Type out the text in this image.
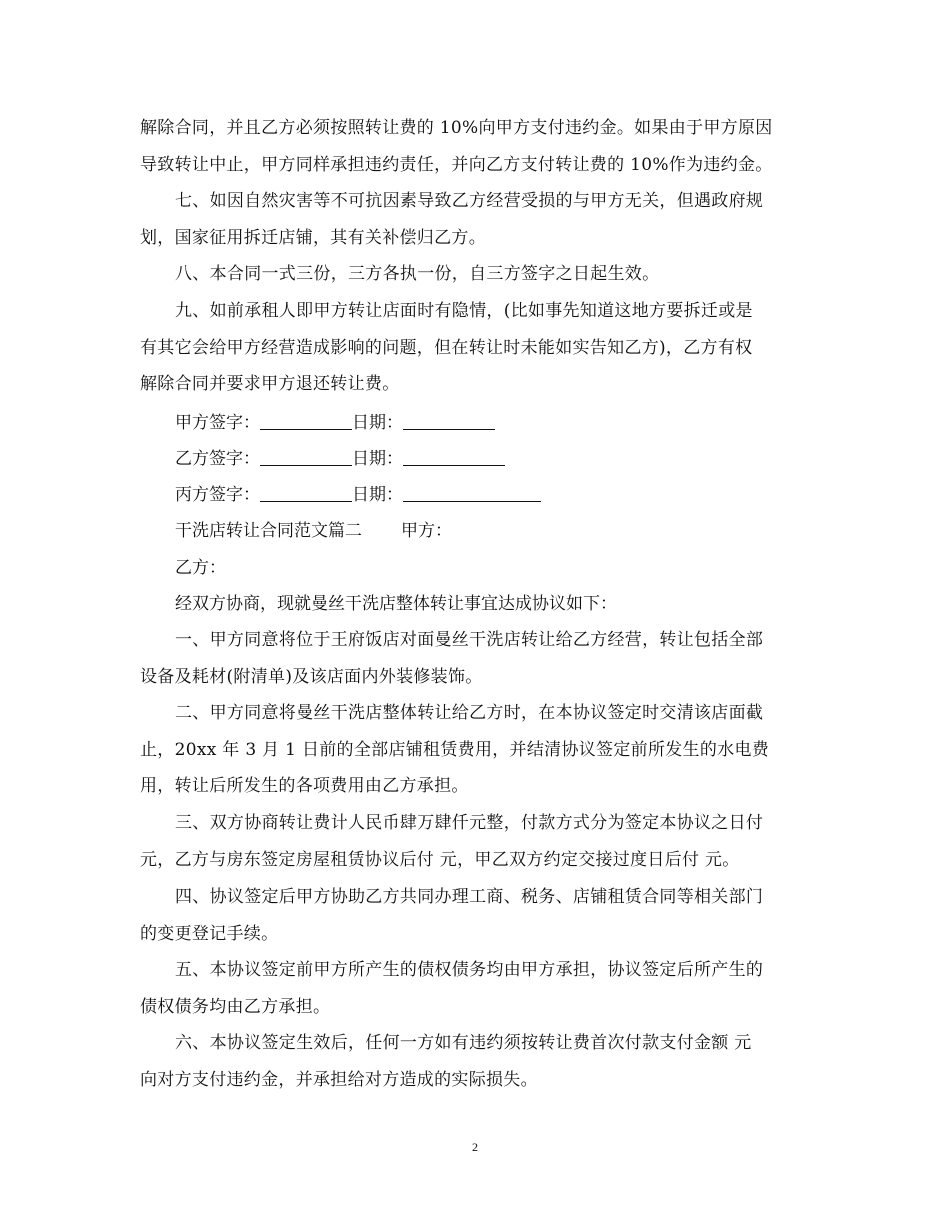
解除合同，并且乙方必须按照转让费的 10%向甲方支付违约金。如果由于甲方原因
导致转让中止，甲方同样承担违约责任，并向乙方支付转让费的 10%作为违约金。
七、如因自然灾害等不可抗因素导致乙方经营受损的与甲方无关，但遇政府规
划，国家征用拆迁店铺，其有关补偿归乙方。
八、本合同一式三份，三方各执一份，自三方签字之日起生效。
九、如前承租人即甲方转让店面时有隐情，(比如事先知道这地方要拆迁或是
有其它会给甲方经营造成影响的问题，但在转让时未能如实告知乙方)，乙方有权
解除合同并要求甲方退还转让费。
甲方签字：	日期：
乙方签字：	日期：
丙方签字：	日期：
干洗店转让合同范文篇二 甲方：
乙方：
经双方协商，现就曼丝干洗店整体转让事宜达成协议如下：
一、甲方同意将位于王府饭店对面曼丝干洗店转让给乙方经营，转让包括全部
设备及耗材(附清单)及该店面内外装修装饰。
二、甲方同意将曼丝干洗店整体转让给乙方时，在本协议签定时交清该店面截
止，20xx 年 3 月 1 日前的全部店铺租赁费用，并结清协议签定前所发生的水电费
用，转让后所发生的各项费用由乙方承担。
三、双方协商转让费计人民币肆万肆仟元整，付款方式分为签定本协议之日付
元，乙方与房东签定房屋租赁协议后付 元，甲乙双方约定交接过度日后付 元。
四、协议签定后甲方协助乙方共同办理工商、税务、店铺租赁合同等相关部门
的变更登记手续。
五、本协议签定前甲方所产生的债权债务均由甲方承担，协议签定后所产生的
债权债务均由乙方承担。
六、本协议签定生效后，任何一方如有违约须按转让费首次付款支付金额 元
向对方支付违约金，并承担给对方造成的实际损失。
2
